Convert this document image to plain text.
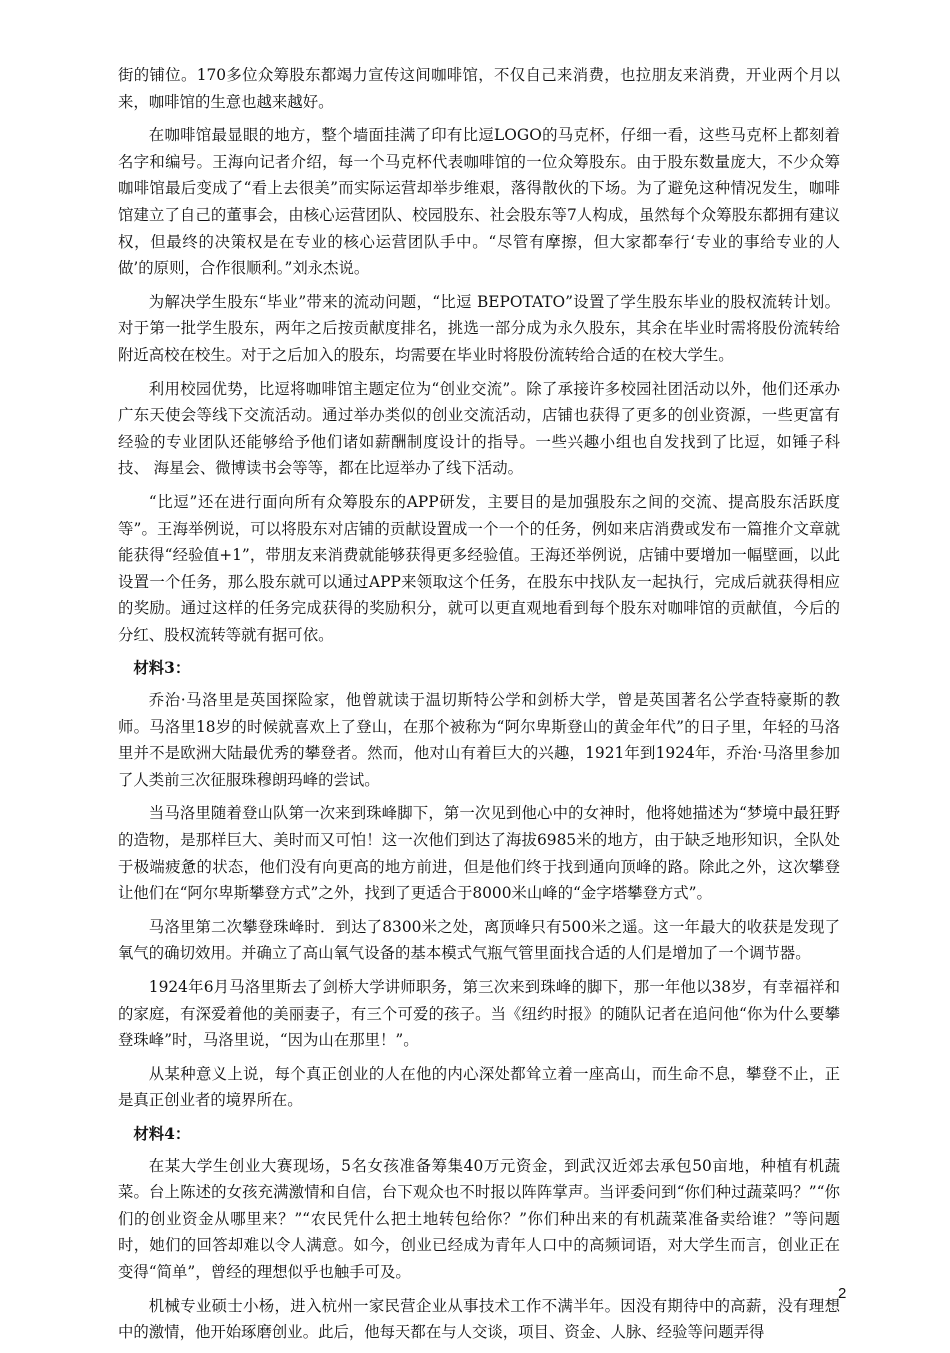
街的铺位。170多位众筹股东都竭力宣传这间咖啡馆，不仅自己来消费，也拉朋友来消费，开业两个月以来，咖啡馆的生意也越来越好。

在咖啡馆最显眼的地方，整个墙面挂满了印有比逗LOGO的马克杯，仔细一看，这些马克杯上都刻着名字和编号。王海向记者介绍，每一个马克杯代表咖啡馆的一位众筹股东。由于股东数量庞大，不少众筹咖啡馆最后变成了“看上去很美”而实际运营却举步维艰，落得散伙的下场。为了避免这种情况发生，咖啡馆建立了自己的董事会，由核心运营团队、校园股东、社会股东等7人构成，虽然每个众筹股东都拥有建议权，但最终的决策权是在专业的核心运营团队手中。“尽管有摩擦，但大家都奉行‘专业的事给专业的人做’的原则，合作很顺利。”刘永杰说。

为解决学生股东“毕业”带来的流动问题，“比逗 BEPOTATO”设置了学生股东毕业的股权流转计划。对于第一批学生股东，两年之后按贡献度排名，挑选一部分成为永久股东，其余在毕业时需将股份流转给附近高校在校生。对于之后加入的股东，均需要在毕业时将股份流转给合适的在校大学生。

利用校园优势，比逗将咖啡馆主题定位为“创业交流”。除了承接许多校园社团活动以外，他们还承办广东天使会等线下交流活动。通过举办类似的创业交流活动，店铺也获得了更多的创业资源，一些更富有经验的专业团队还能够给予他们诸如薪酬制度设计的指导。一些兴趣小组也自发找到了比逗，如锤子科技、 海星会、微博读书会等等，都在比逗举办了线下活动。

“比逗”还在进行面向所有众筹股东的APP研发，主要目的是加强股东之间的交流、提高股东活跃度等”。王海举例说，可以将股东对店铺的贡献设置成一个一个的任务，例如来店消费或发布一篇推介文章就能获得“经验值+1”，带朋友来消费就能够获得更多经验值。王海还举例说，店铺中要增加一幅壁画，以此设置一个任务，那么股东就可以通过APP来领取这个任务，在股东中找队友一起执行，完成后就获得相应的奖励。通过这样的任务完成获得的奖励积分，就可以更直观地看到每个股东对咖啡馆的贡献值，今后的分红、股权流转等就有据可依。

材料3：

乔治·马洛里是英国探险家，他曾就读于温切斯特公学和剑桥大学，曾是英国著名公学查特豪斯的教师。马洛里18岁的时候就喜欢上了登山，在那个被称为“阿尔卑斯登山的黄金年代”的日子里，年轻的马洛里并不是欧洲大陆最优秀的攀登者。然而，他对山有着巨大的兴趣，1921年到1924年，乔治·马洛里参加了人类前三次征服珠穆朗玛峰的尝试。

当马洛里随着登山队第一次来到珠峰脚下，第一次见到他心中的女神时，他将她描述为“梦境中最狂野的造物，是那样巨大、美时而又可怕！这一次他们到达了海拔6985米的地方，由于缺乏地形知识，全队处于极端疲惫的状态，他们没有向更高的地方前进，但是他们终于找到通向顶峰的路。除此之外，这次攀登　让他们在“阿尔卑斯攀登方式”之外，找到了更适合于8000米山峰的“金字塔攀登方式”。

马洛里第二次攀登珠峰时．到达了8300米之处，离顶峰只有500米之遥。这一年最大的收获是发现了氧气的确切效用。并确立了高山氧气设备的基本模式气瓶气管里面找合适的人们是增加了一个调节器。

1924年6月马洛里斯去了剑桥大学讲师职务，第三次来到珠峰的脚下，那一年他以38岁，有幸福祥和的家庭，有深爱着他的美丽妻子，有三个可爱的孩子。当《纽约时报》的随队记者在追问他“你为什么要攀登珠峰”时，马洛里说，“因为山在那里！”。

从某种意义上说，每个真正创业的人在他的内心深处都耸立着一座高山，而生命不息，攀登不止，正是真正创业者的境界所在。

材料4：

在某大学生创业大赛现场，5名女孩准备筹集40万元资金，到武汉近郊去承包50亩地，种植有机蔬菜。台上陈述的女孩充满激情和自信，台下观众也不时报以阵阵掌声。当评委问到“你们种过蔬菜吗？”“你们的创业资金从哪里来？”“农民凭什么把土地转包给你？”你们种出来的有机蔬菜准备卖给谁？”等问题时，她们的回答却难以令人满意。如今，创业已经成为青年人口中的高频词语，对大学生而言，创业正在变得“简单”，曾经的理想似乎也触手可及。

机械专业硕士小杨，进入杭州一家民营企业从事技术工作不满半年。因没有期待中的高薪，没有理想中的激情，他开始琢磨创业。此后，他每天都在与人交谈，项目、资金、人脉、经验等问题弄得

2
